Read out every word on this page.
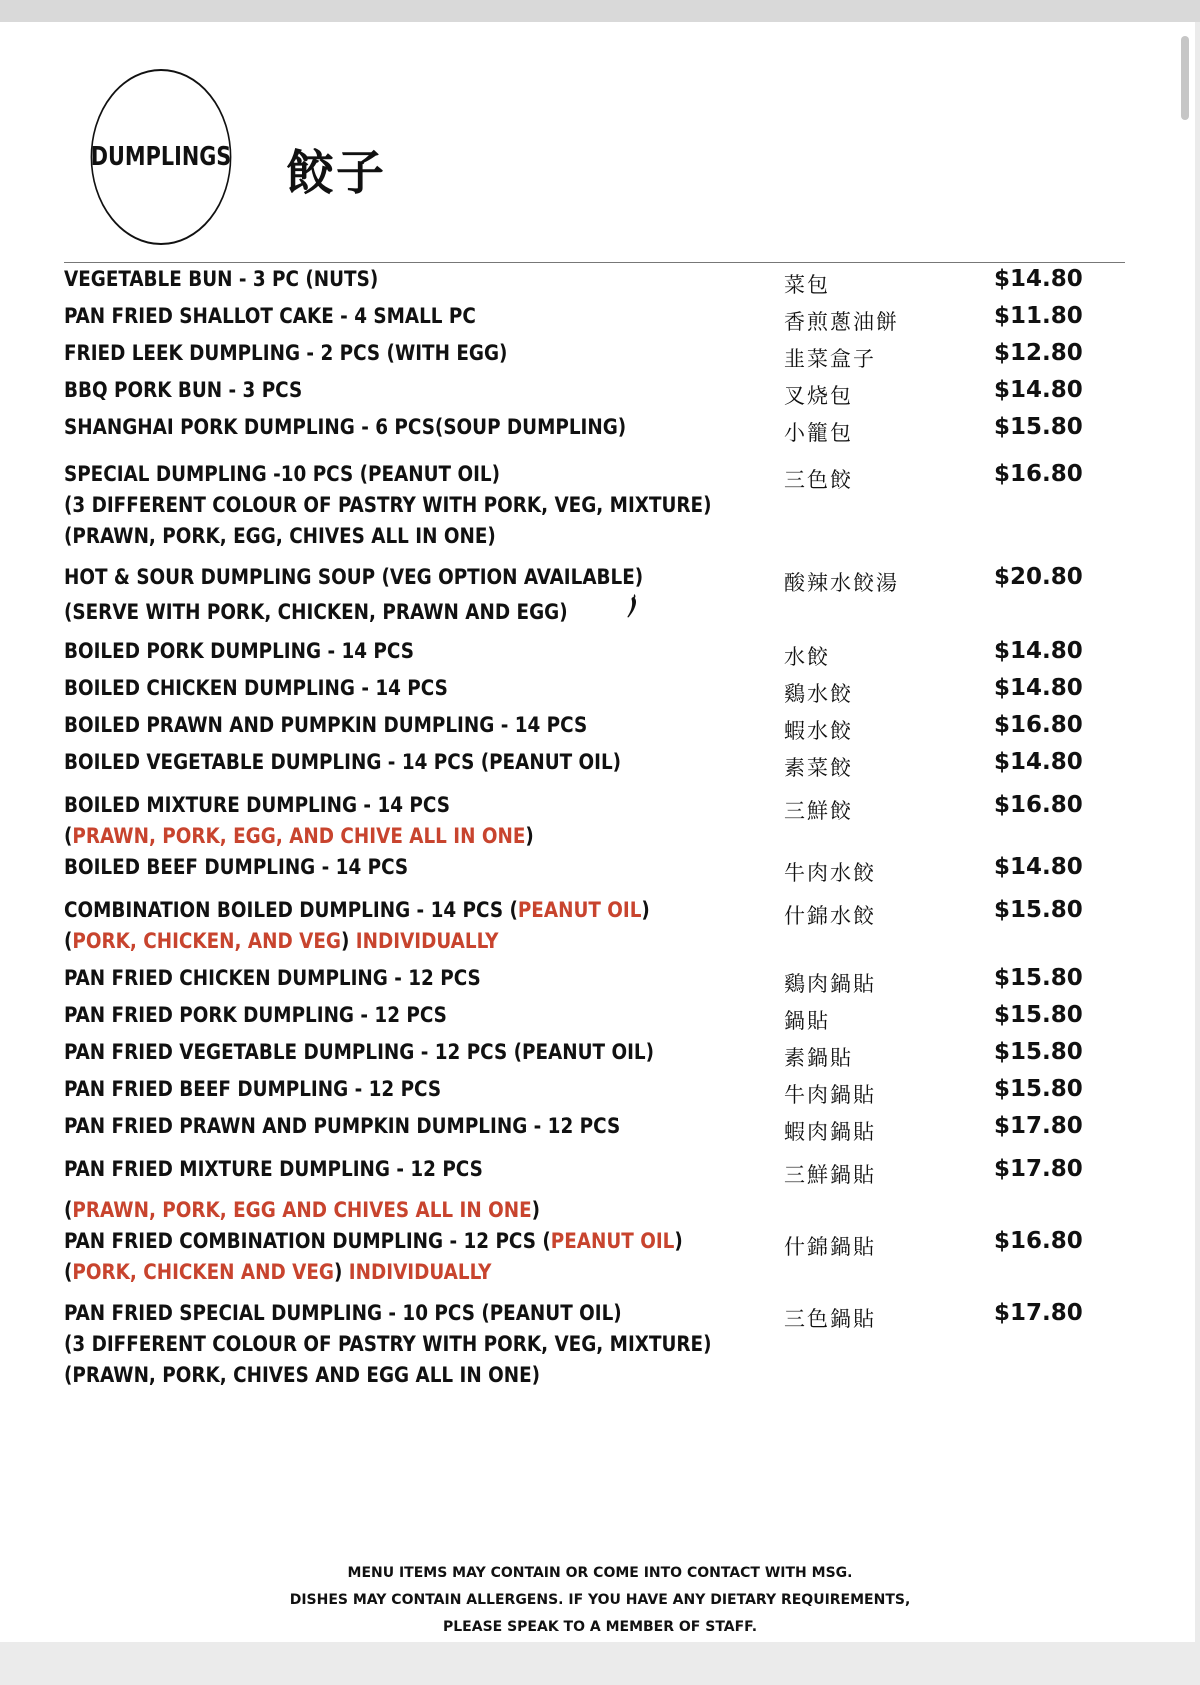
DUMPLINGS 餃子
VEGETABLE BUN - 3 PC (NUTS)	菜包	$14.80
PAN FRIED SHALLOT CAKE - 4 SMALL PC	香煎蔥油餅	$11.80
FRIED LEEK DUMPLING - 2 PCS (WITH EGG)	韭菜盒子	$12.80
BBQ PORK BUN - 3 PCS	叉烧包	$14.80
SHANGHAI PORK DUMPLING - 6 PCS(SOUP DUMPLING)	小籠包	$15.80
SPECIAL DUMPLING -10 PCS (PEANUT OIL)
(3 DIFFERENT COLOUR OF PASTRY WITH PORK, VEG, MIXTURE)
(PRAWN, PORK, EGG, CHIVES ALL IN ONE)
三色餃	$16.80
HOT & SOUR DUMPLING SOUP (VEG OPTION AVAILABLE)
(SERVE WITH PORK, CHICKEN, PRAWN AND EGG)
酸辣水餃湯	$20.80
BOILED PORK DUMPLING - 14 PCS	水餃	$14.80
BOILED CHICKEN DUMPLING - 14 PCS	鷄水餃	$14.80
BOILED PRAWN AND PUMPKIN DUMPLING - 14 PCS	蝦水餃	$16.80
BOILED VEGETABLE DUMPLING - 14 PCS (PEANUT OIL)	素菜餃	$14.80
BOILED MIXTURE DUMPLING - 14 PCS
(PRAWN, PORK, EGG, AND CHIVE ALL IN ONE)
三鮮餃	$16.80
BOILED BEEF DUMPLING - 14 PCS	牛肉水餃	$14.80
COMBINATION BOILED DUMPLING - 14 PCS (PEANUT OIL)
(PORK, CHICKEN, AND VEG) INDIVIDUALLY
什錦水餃	$15.80
PAN FRIED CHICKEN DUMPLING - 12 PCS	鷄肉鍋貼	$15.80
PAN FRIED PORK DUMPLING - 12 PCS	鍋貼	$15.80
PAN FRIED VEGETABLE DUMPLING - 12 PCS (PEANUT OIL)	素鍋貼	$15.80
PAN FRIED BEEF DUMPLING - 12 PCS	牛肉鍋貼	$15.80
PAN FRIED PRAWN AND PUMPKIN DUMPLING - 12 PCS	蝦肉鍋貼	$17.80
PAN FRIED MIXTURE DUMPLING - 12 PCS
(PRAWN, PORK, EGG AND CHIVES ALL IN ONE)
三鮮鍋貼	$17.80
PAN FRIED COMBINATION DUMPLING - 12 PCS (PEANUT OIL)
(PORK, CHICKEN AND VEG) INDIVIDUALLY
什錦鍋貼	$16.80
PAN FRIED SPECIAL DUMPLING - 10 PCS (PEANUT OIL)
(3 DIFFERENT COLOUR OF PASTRY WITH PORK, VEG, MIXTURE)
(PRAWN, PORK, CHIVES AND EGG ALL IN ONE)
三色鍋貼	$17.80
MENU ITEMS MAY CONTAIN OR COME INTO CONTACT WITH MSG.
DISHES MAY CONTAIN ALLERGENS. IF YOU HAVE ANY DIETARY REQUIREMENTS,
PLEASE SPEAK TO A MEMBER OF STAFF.
